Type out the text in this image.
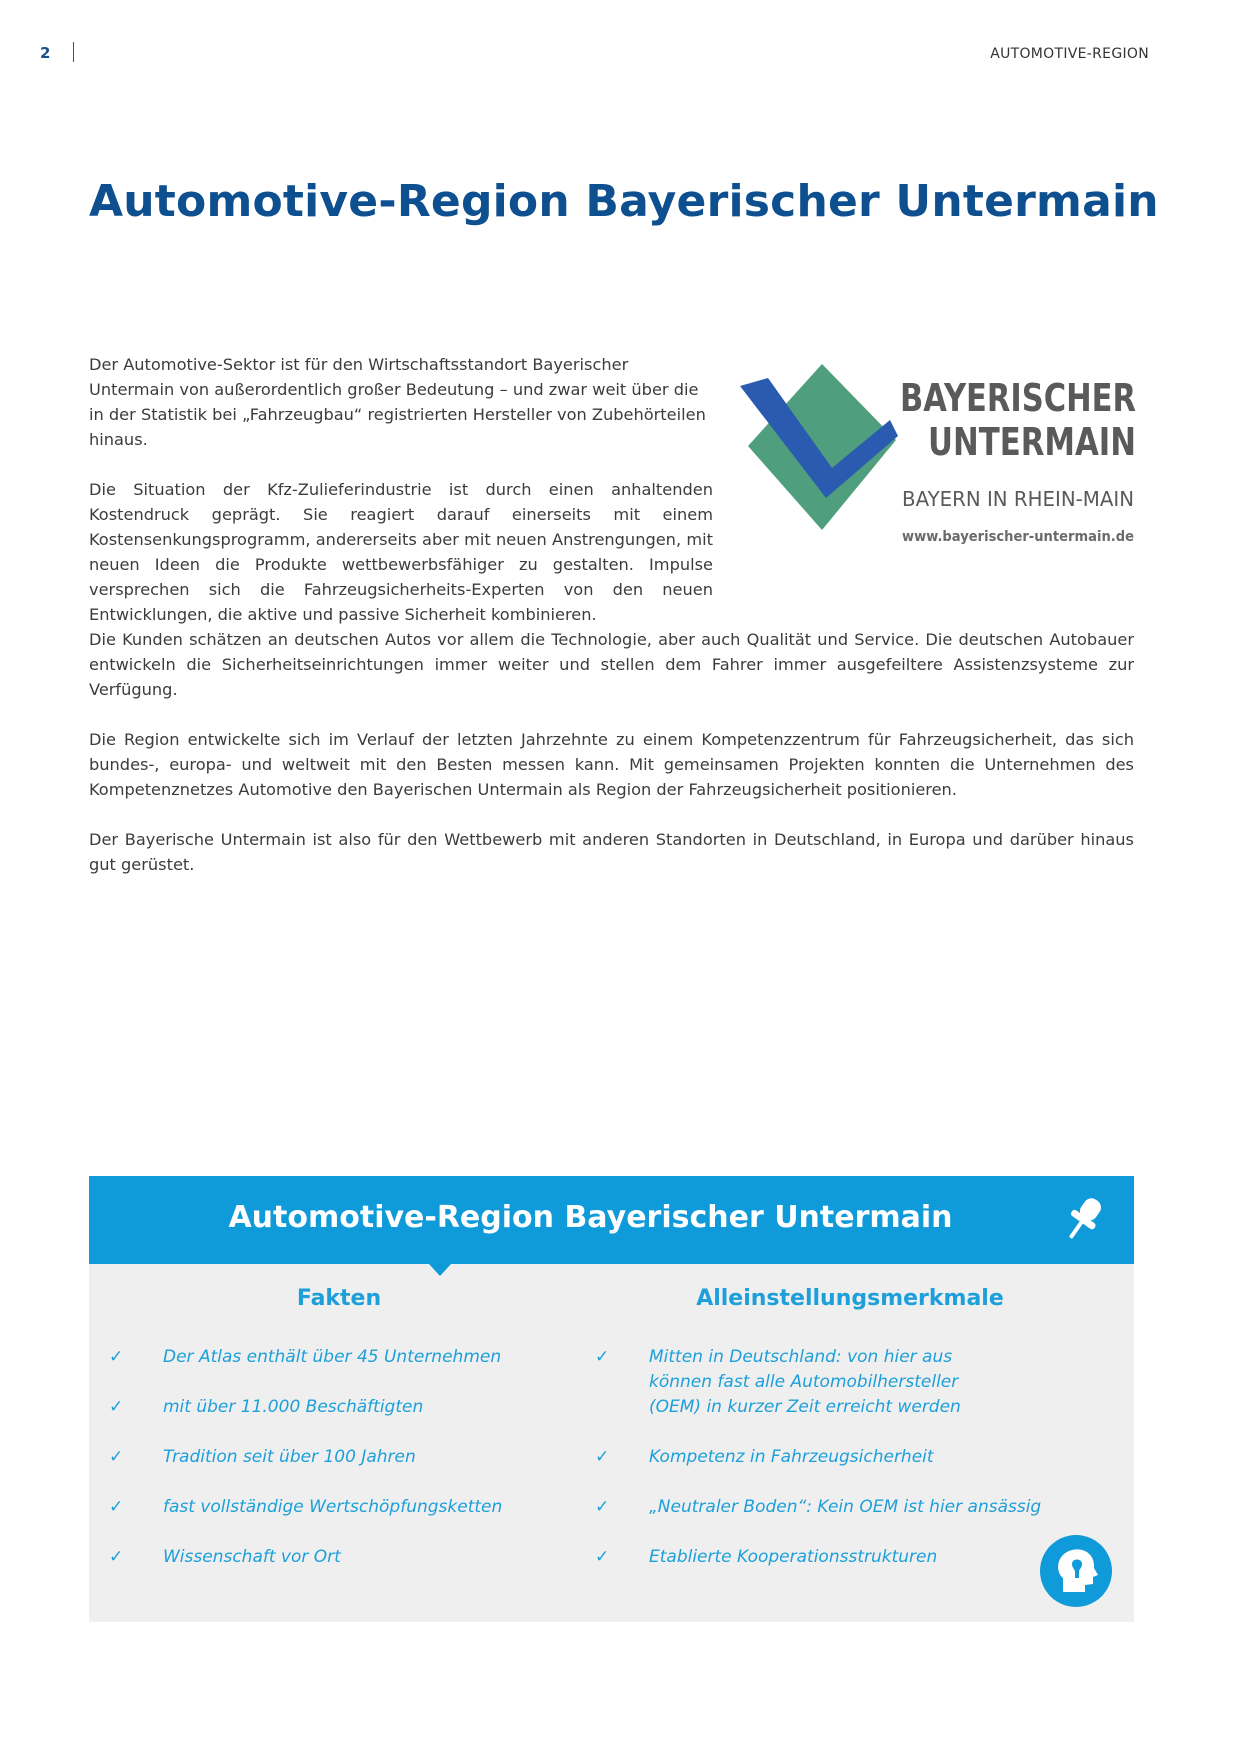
2	AUTOMOTIVE-REGION
Automotive-Region Bayerischer Untermain

Der Automotive-Sektor ist für den Wirtschaftsstandort Bayerischer Untermain von außerordentlich großer Bedeutung – und zwar weit über die in der Statistik bei „Fahrzeugbau“ registrierten Hersteller von Zubehörteilen hinaus.

Die Situation der Kfz-Zulieferindustrie ist durch einen anhaltenden Kostendruck geprägt. Sie reagiert darauf einerseits mit einem Kostensenkungsprogramm, andererseits aber mit neuen Anstrengungen, mit neuen Ideen die Produkte wettbewerbsfähiger zu gestalten. Impulse versprechen sich die Fahrzeugsicherheits-Experten von den neuen Entwicklungen, die aktive und passive Sicherheit kombinieren.

BAYERISCHER
UNTERMAIN
BAYERN IN RHEIN-MAIN
www.bayerischer-untermain.de

Die Kunden schätzen an deutschen Autos vor allem die Technologie, aber auch Qualität und Service. Die deutschen Autobauer entwickeln die Sicherheitseinrichtungen immer weiter und stellen dem Fahrer immer ausgefeiltere Assistenzsysteme zur Verfügung.

Die Region entwickelte sich im Verlauf der letzten Jahrzehnte zu einem Kompetenzzentrum für Fahrzeugsicherheit, das sich bundes-, europa- und weltweit mit den Besten messen kann. Mit gemeinsamen Projekten konnten die Unternehmen des Kompetenznetzes Automotive den Bayerischen Untermain als Region der Fahrzeugsicherheit positionieren.

Der Bayerische Untermain ist also für den Wettbewerb mit anderen Standorten in Deutschland, in Europa und darüber hinaus gut gerüstet.

Automotive-Region Bayerischer Untermain
Fakten
✓ Der Atlas enthält über 45 Unternehmen
✓ mit über 11.000 Beschäftigten
✓ Tradition seit über 100 Jahren
✓ fast vollständige Wertschöpfungsketten
✓ Wissenschaft vor Ort
Alleinstellungsmerkmale
✓ Mitten in Deutschland: von hier aus können fast alle Automobilhersteller (OEM) in kurzer Zeit erreicht werden
✓ Kompetenz in Fahrzeugsicherheit
✓ „Neutraler Boden“: Kein OEM ist hier ansässig
✓ Etablierte Kooperationsstrukturen
